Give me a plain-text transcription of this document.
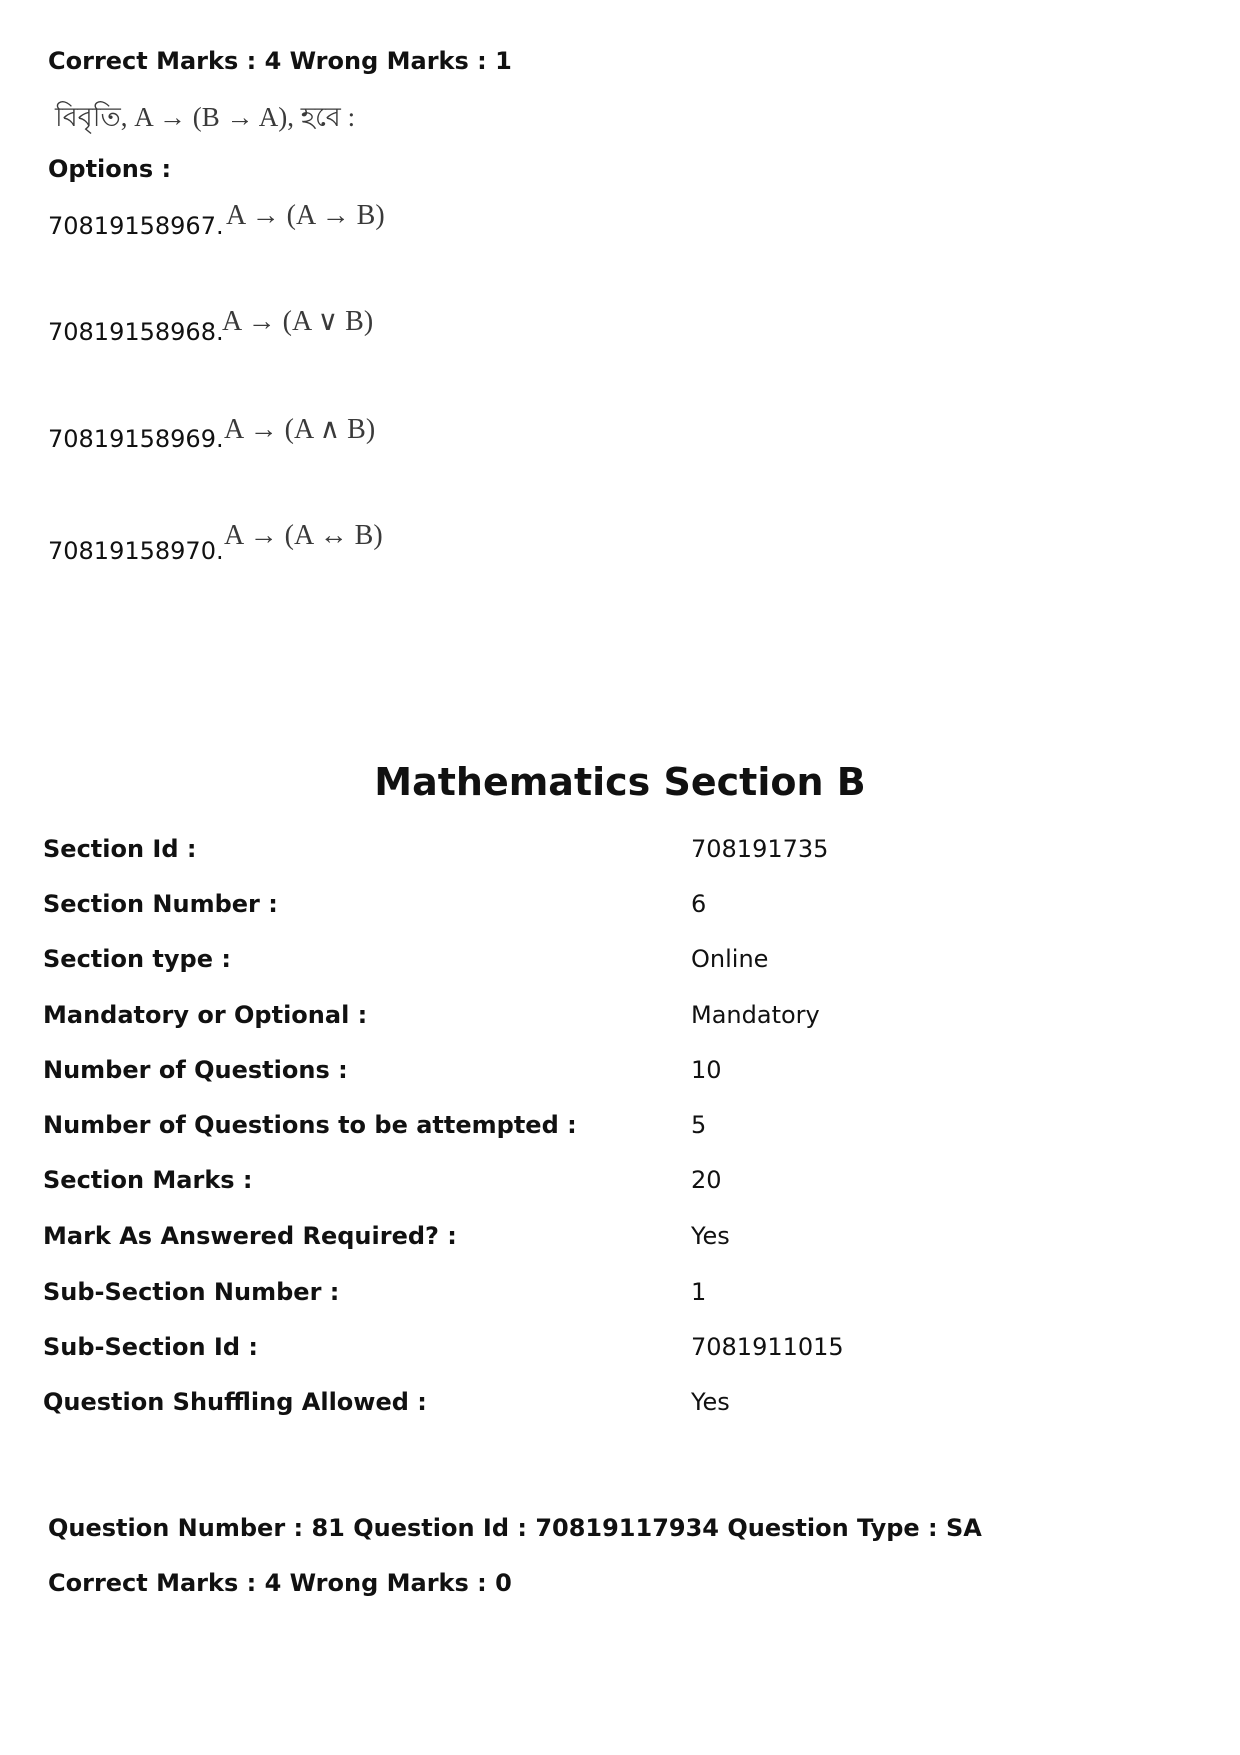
Correct Marks : 4 Wrong Marks : 1
বিবৃতি, A → (B → A), হবে :
Options :
70819158967. A → (A → B)
70819158968.
A → (A ∨ B)
70819158969. A → (A ∧ B)
70819158970. A → (A ↔ B)
Mathematics Section B
Section Id :	708191735
Section Number :	6
Section type :	Online
Mandatory or Optional :	Mandatory
Number of Questions :	10
Number of Questions to be attempted :	5
Section Marks :	20
Mark As Answered Required? :	Yes
Sub-Section Number :	1
Sub-Section Id :	7081911015
Question Shuffling Allowed :	Yes
Question Number : 81 Question Id : 70819117934 Question Type : SA
Correct Marks : 4 Wrong Marks : 0
